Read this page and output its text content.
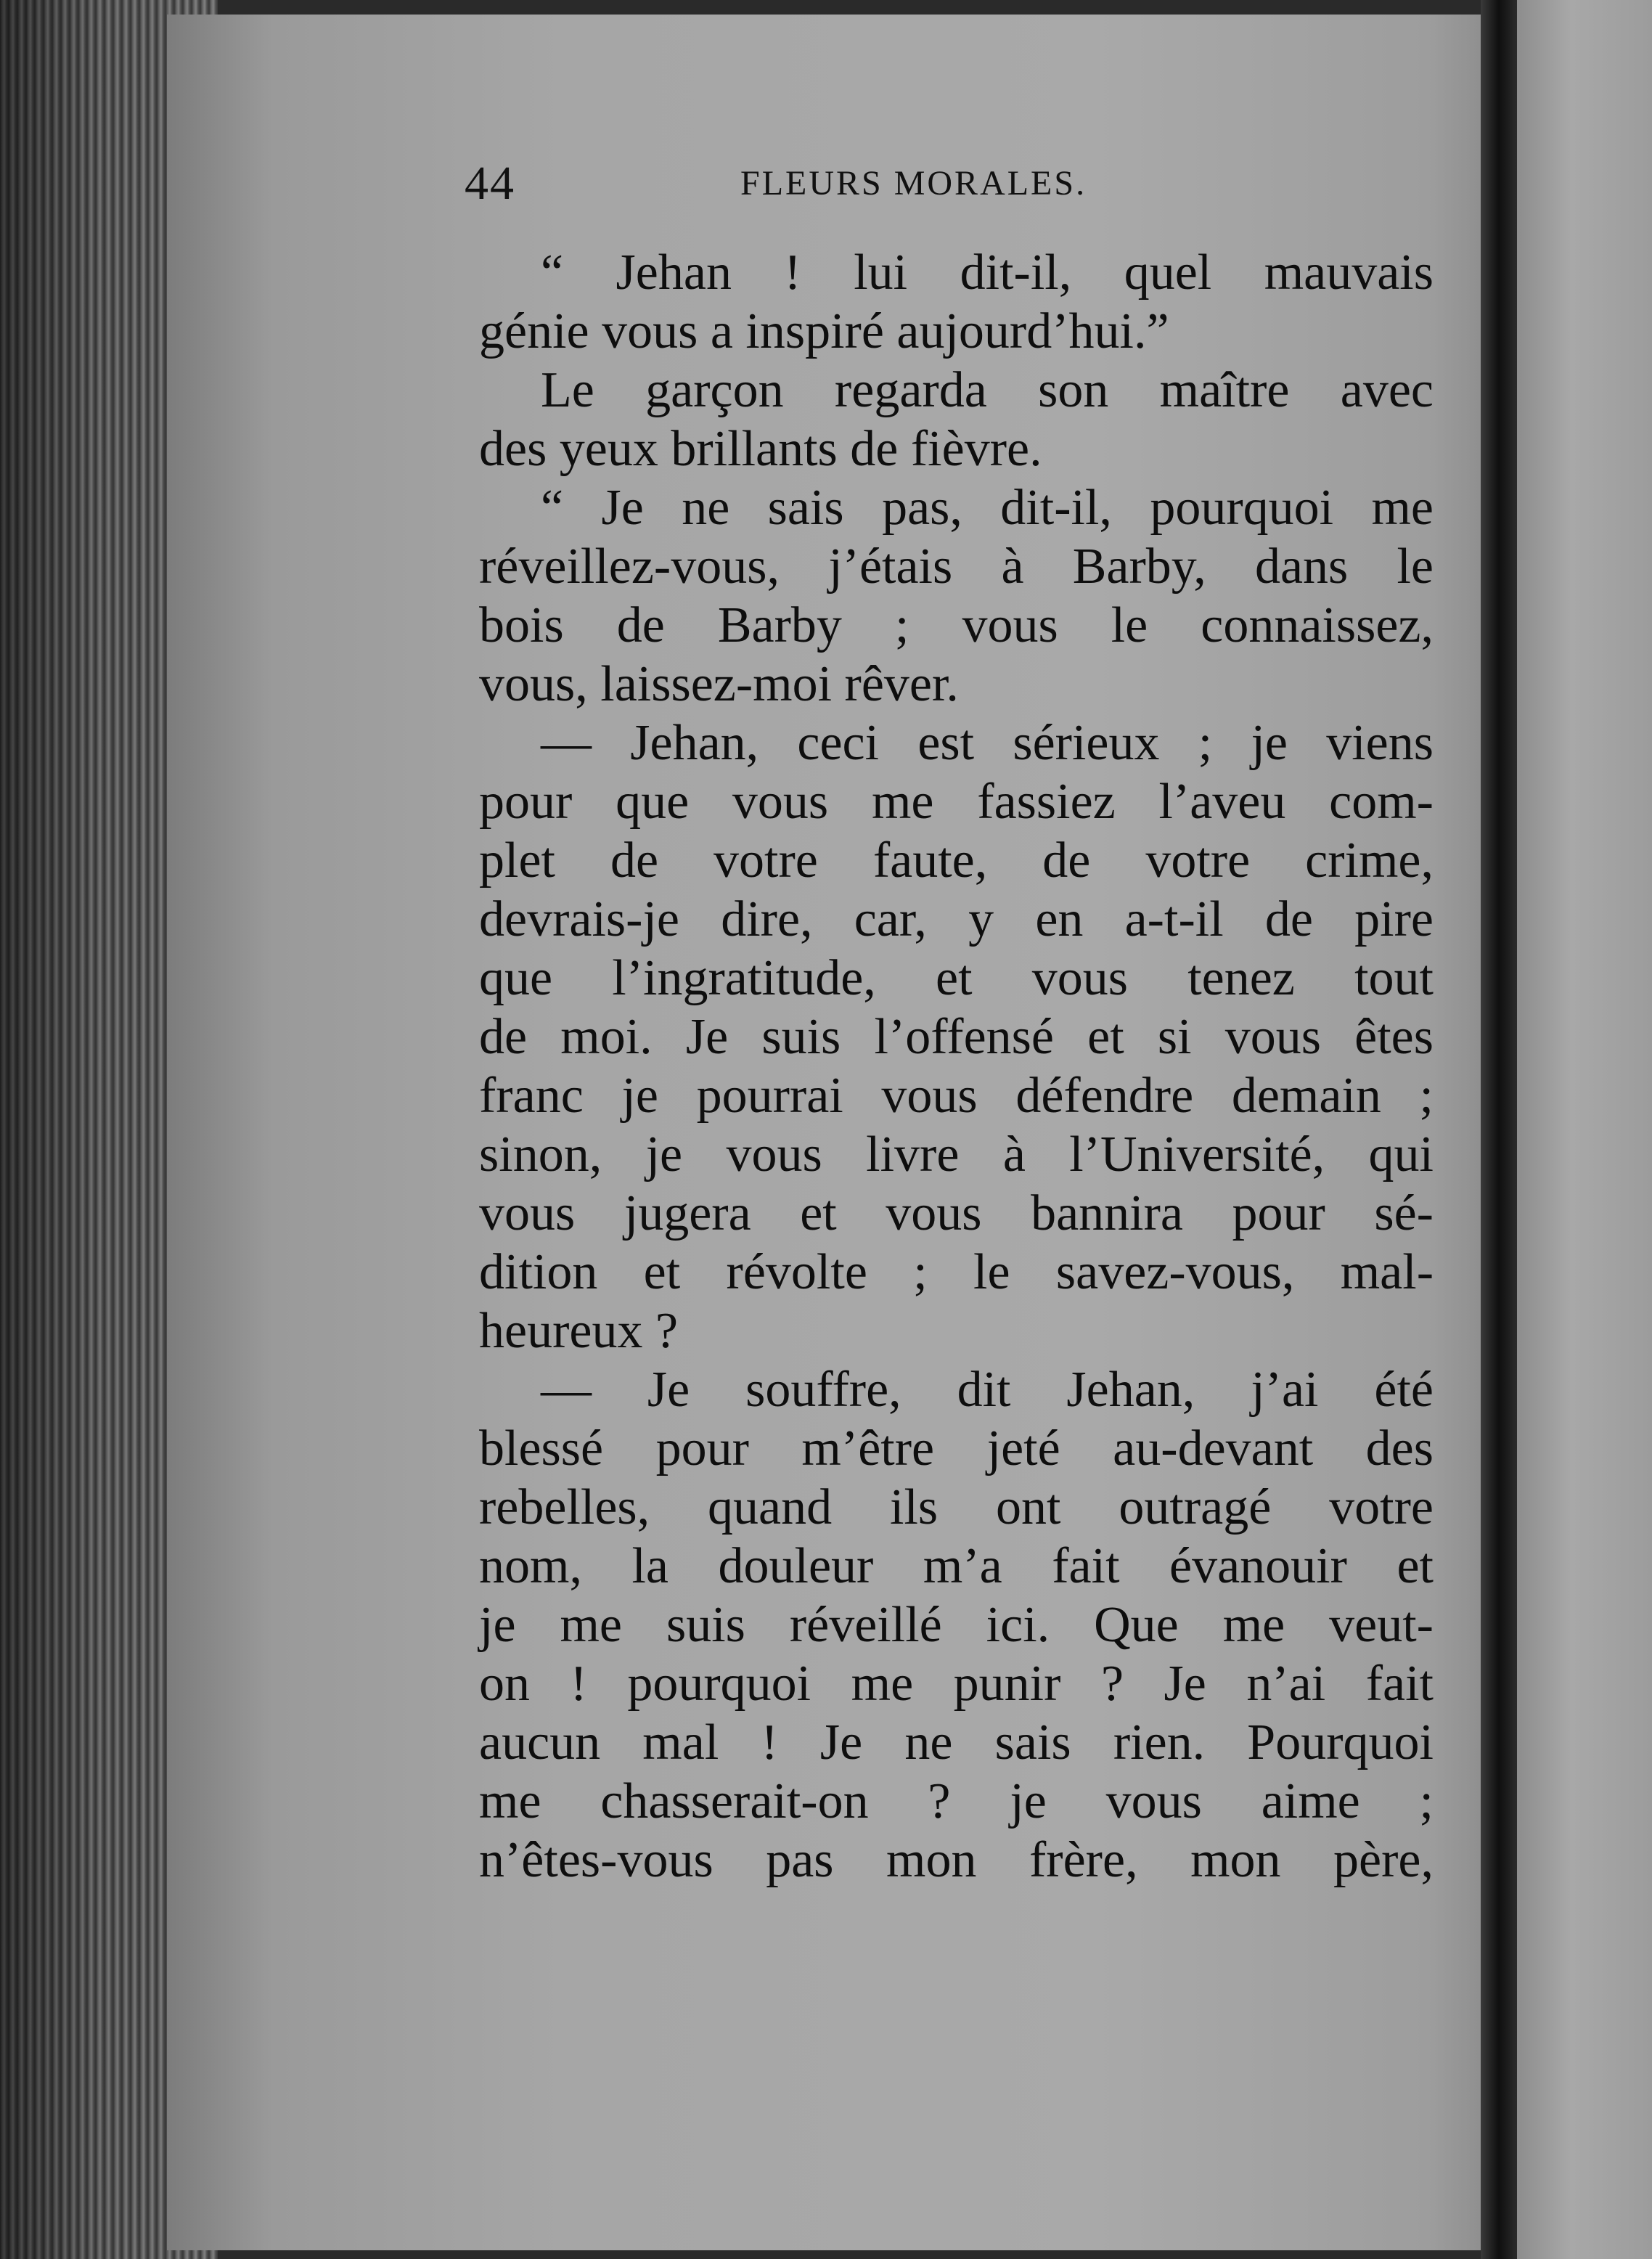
44	FLEURS MORALES.
“ Jehan ! lui dit-il, quel mauvais
génie vous a inspiré aujourd’hui.”
Le garçon regarda son maître avec
des yeux brillants de fièvre.
“ Je ne sais pas, dit-il, pourquoi me
réveillez-vous, j’étais à Barby, dans le
bois de Barby ; vous le connaissez,
vous, laissez-moi rêver.
— Jehan, ceci est sérieux ; je viens
pour que vous me fassiez l’aveu com-
plet de votre faute, de votre crime,
devrais-je dire, car, y en a-t-il de pire
que l’ingratitude, et vous tenez tout
de moi. Je suis l’offensé et si vous êtes
franc je pourrai vous défendre demain ;
sinon, je vous livre à l’Université, qui
vous jugera et vous bannira pour sé-
dition et révolte ; le savez-vous, mal-
heureux ?
— Je souffre, dit Jehan, j’ai été
blessé pour m’être jeté au-devant des
rebelles, quand ils ont outragé votre
nom, la douleur m’a fait évanouir et
je me suis réveillé ici. Que me veut-
on ! pourquoi me punir ? Je n’ai fait
aucun mal ! Je ne sais rien. Pourquoi
me chasserait-on ? je vous aime ;
n’êtes-vous pas mon frère, mon père,
